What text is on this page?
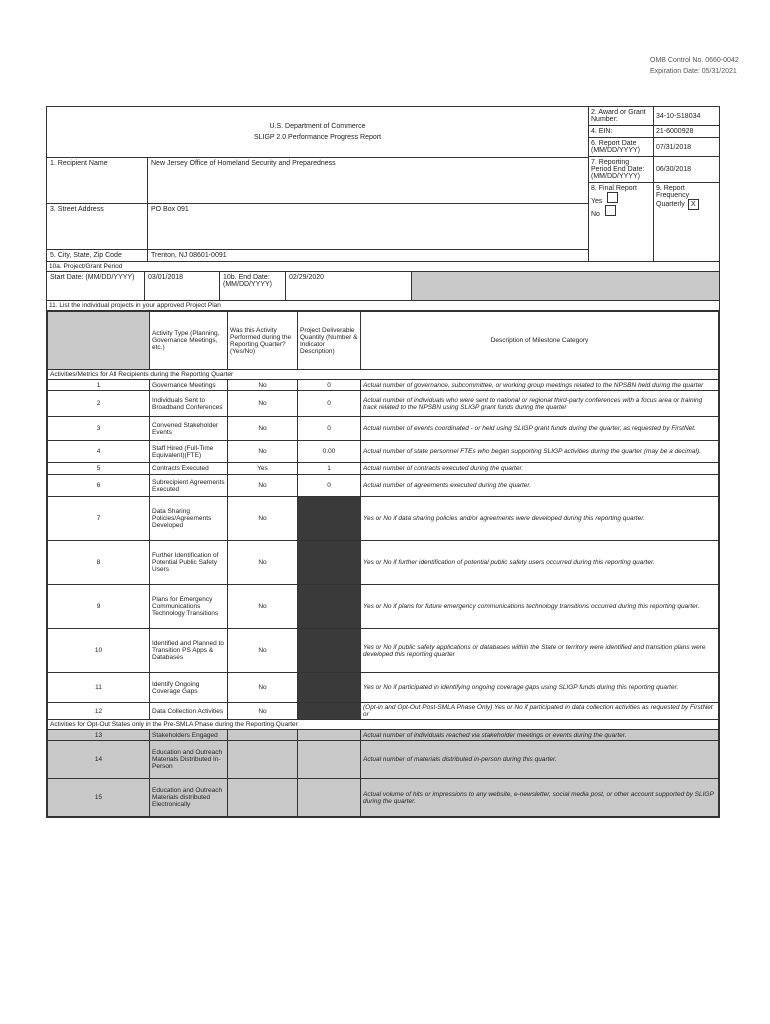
OMB Control No. 0660-0042
Expiration Date: 05/31/2021
U.S. Department of Commerce
SLIGP 2.0 Performance Progress Report
1. Recipient Name	New Jersey Office of Homeland Security and Preparedness
3. Street Address	PO Box 091
5. City, State, Zip Code	Trenton, NJ 08601-0091
2. Award or Grant Number:	34-10-S18034
4. EIN:	21-6000928
6. Report Date (MM/DD/YYYY)	07/31/2018
7. Reporting Period End Date: (MM/DD/YYYY)
06/30/2018
8. Final Report
Yes
No
9. Report Frequency
Quarterly X
10a. Project/Grant Period
Start Date: (MM/DD/YYYY)	03/01/2018	10b. End Date: (MM/DD/YYYY)
02/29/2020
11. List the individual projects in your approved Project Plan
	Activity Type (Planning, Governance Meetings, etc.)	Was this Activity Performed during the Reporting Quarter? (Yes/No)	Project Deliverable Quantity (Number & Indicator Description)	Description of Milestone Category
Activities/Metrics for All Recipients during the Reporting Quarter				
1	Governance Meetings	No	0	Actual number of governance, subcommittee, or working group meetings related to the NPSBN held during the quarter
2	Individuals Sent to Broadband Conferences	No	0	Actual number of individuals who were sent to national or regional third-party conferences with a focus area or training track related to the NPSBN using SLIGP grant funds during the quarter
3	Convened Stakeholder Events	No	0	Actual number of events coordinated - or held using SLIGP grant funds during the quarter, as requested by FirstNet.
4	Staff Hired (Full-Time Equivalent)(FTE)	No	0.00	Actual number of state personnel FTEs who began supporting SLIGP activities during the quarter (may be a decimal).
5	Contracts Executed	Yes	1	Actual number of contracts executed during the quarter.
6	Subrecipient Agreements Executed	No	0	Actual number of agreements executed during the quarter.
7	Data Sharing Policies/Agreements Developed	No		Yes or No if data sharing policies and/or agreements were developed during this reporting quarter.
8	Further Identification of Potential Public Safety Users	No		Yes or No if further identification of potential public safety users occurred during this reporting quarter.
9	Plans for Emergency Communications Technology Transitions	No		Yes or No if plans for future emergency communications technology transitions occurred during this reporting quarter.
10	Identified and Planned to Transition PS Apps & Databases	No		Yes or No if public safety applications or databases within the State or territory were identified and transition plans were developed this reporting quarter
11	Identify Ongoing Coverage Gaps	No		Yes or No if participated in identifying ongoing coverage gaps using SLIGP funds during this reporting quarter.
12	Data Collection Activities	No		(Opt-in and Opt-Out Post-SMLA Phase Only) Yes or No if participated in data collection activities as requested by FirstNet or
Activities for Opt-Out States only in the Pre-SMLA Phase during the Reporting Quarter				
13	Stakeholders Engaged			Actual number of individuals reached via stakeholder meetings or events during the quarter.
14	Education and Outreach Materials Distributed In-Person			Actual number of materials distributed in-person during this quarter.
15	Education and Outreach Materials distributed Electronically			Actual volume of hits or impressions to any website, e-newsletter, social media post, or other account supported by SLIGP during the quarter.
